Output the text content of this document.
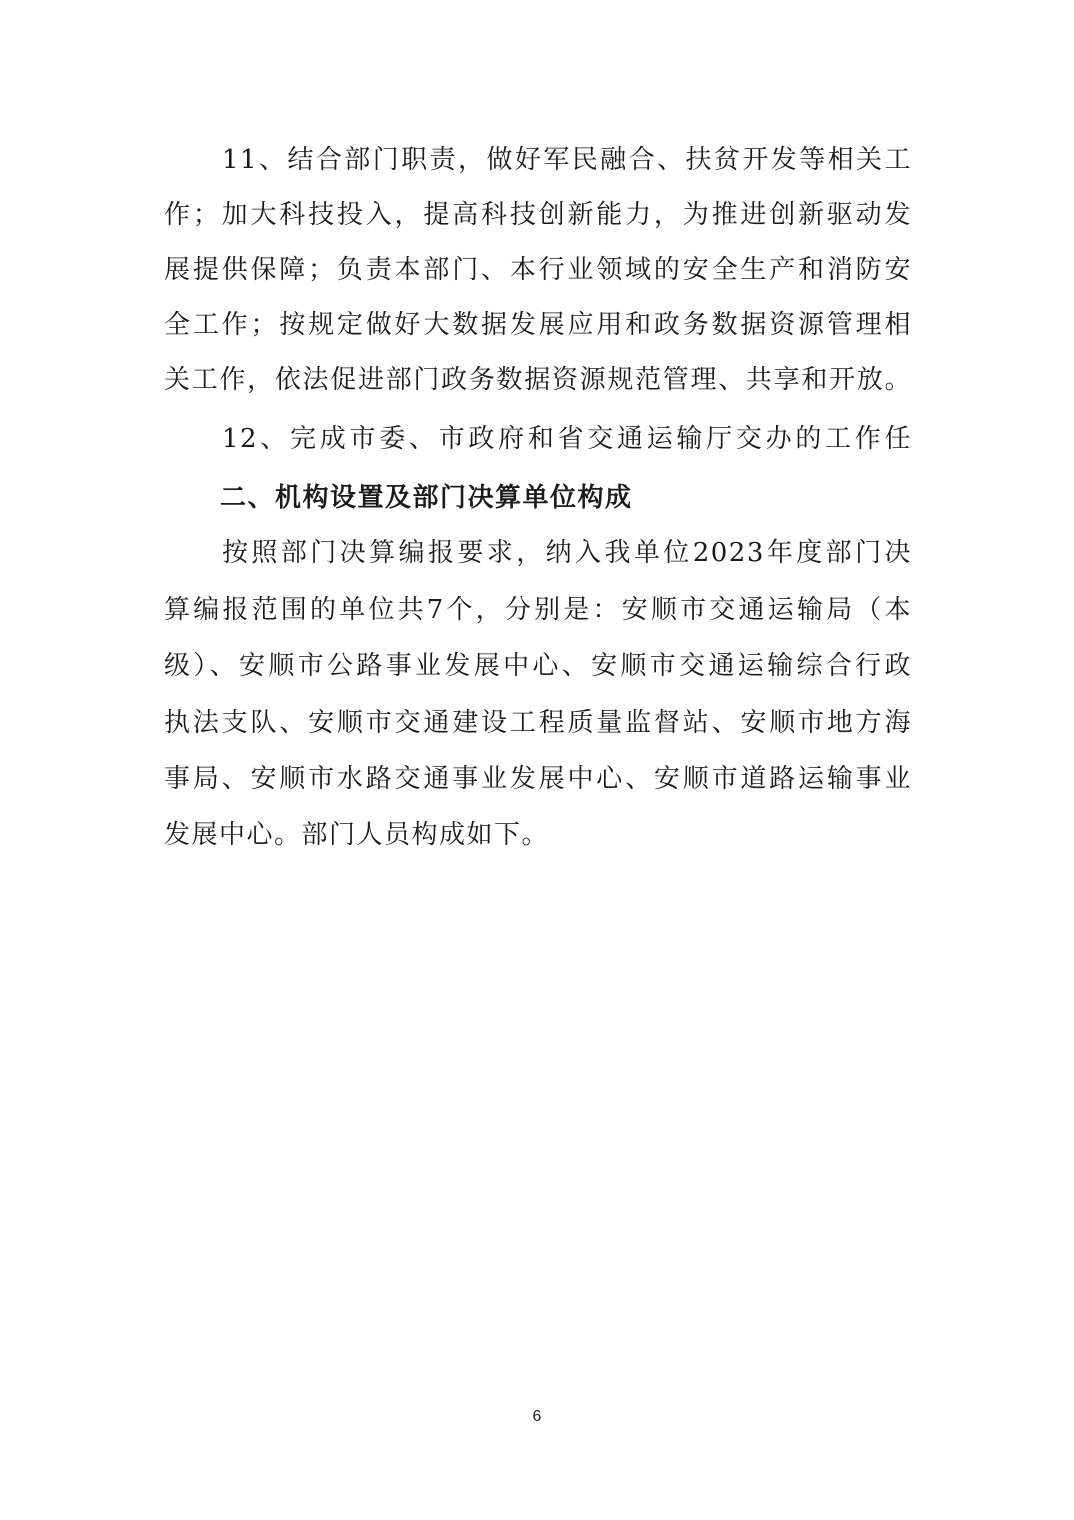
11、结合部门职责，做好军民融合、扶贫开发等相关工
作；加大科技投入，提高科技创新能力，为推进创新驱动发
展提供保障；负责本部门、本行业领域的安全生产和消防安
全工作；按规定做好大数据发展应用和政务数据资源管理相
关工作，依法促进部门政务数据资源规范管理、共享和开放。
12、完成市委、市政府和省交通运输厅交办的工作任
二、机构设置及部门决算单位构成
按照部门决算编报要求，纳入我单位2023年度部门决
算编报范围的单位共7个，分别是：安顺市交通运输局（本
级）、安顺市公路事业发展中心、安顺市交通运输综合行政
执法支队、安顺市交通建设工程质量监督站、安顺市地方海
事局、安顺市水路交通事业发展中心、安顺市道路运输事业
发展中心。部门人员构成如下。
6
